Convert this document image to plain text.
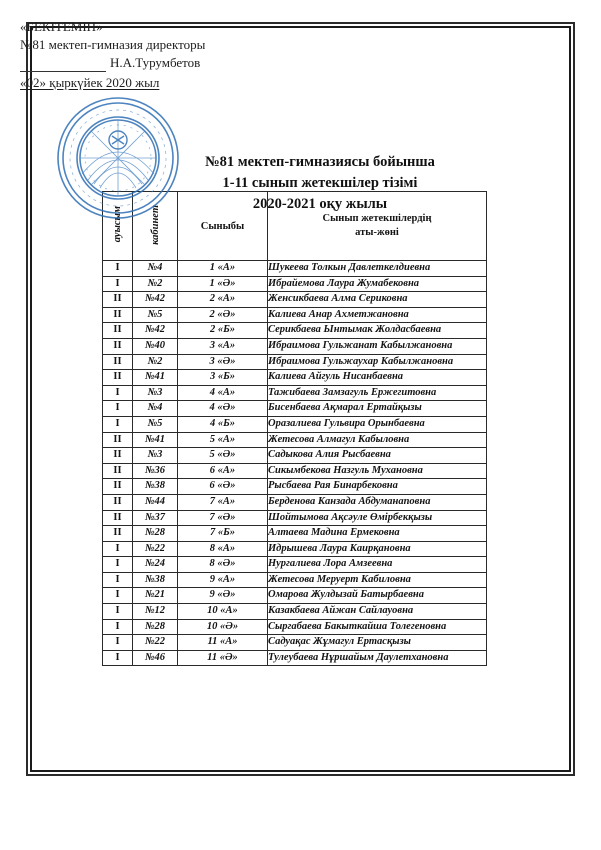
«БЕКІТЕМІН»
№81 мектеп-гимназия директоры
Н.А.Турумбетов
«02» қыркүйек 2020 жыл
№81 мектеп-гимназиясы бойынша
1-11 сынып жетекшілер тізімі
2020-2021 оқу жылы
ауысым	кабинет	Сыныбы	Сынып жетекшілердің
аты-жөні

I	№4	1 «А»	Шукеева Толкын Давлеткелдиевна
I	№2	1 «Ә»	Ибрайемова Лаура Жумабековна
II	№42	2 «А»	Женсикбаева Алма Сериковна
II	№5	2 «Ә»	Калиева Анар Ахметжановна
II	№42	2 «Б»	Серикбаева Ынтымак Жолдасбаевна
II	№40	3 «А»	Ибраимова Гульжанат Кабылжановна
II	№2	3 «Ә»	Ибраимова Гульжаухар Кабылжановна
II	№41	3 «Б»	Калиева Айгуль Нисанбаевна
I	№3	4 «А»	Тажибаева Замзагуль Ержегитовна
I	№4	4 «Ә»	Бисенбаева Ақмарал Ертайқызы
I	№5	4 «Б»	Оразалиева Гульвира Орынбаевна
II	№41	5 «А»	Жетесова Алмагул Кабыловна
II	№3	5 «Ә»	Садыкова Алия Рысбаевна
II	№36	6 «А»	Сикымбекова Назгуль Мухановна
II	№38	6 «Ә»	Рысбаева Рая Бинарбековна
II	№44	7 «А»	Берденова Канзада Абдуманаповна
II	№37	7 «Ә»	Шойтымова Ақсәуле Өмірбекқызы
II	№28	7 «Б»	Алтаева Мадина Ермековна
I	№22	8 «А»	Идрышева Лаура Каирқановна
I	№24	8 «Ә»	Нургалиева Лора Амзеевна
I	№38	9 «А»	Жетесова Меруерт Кабиловна
I	№21	9 «Ә»	Омарова Жулдызай Батырбаевна
I	№12	10 «А»	Казакбаева Айжан Сайлауовна
I	№28	10 «Ә»	Сыргабаева Бакыткайша Толегеновна
I	№22	11 «А»	Садуақас Жұмагул Ертасқызы
I	№46	11 «Ә»	Тулеубаева Нұршайым Даулетхановна
